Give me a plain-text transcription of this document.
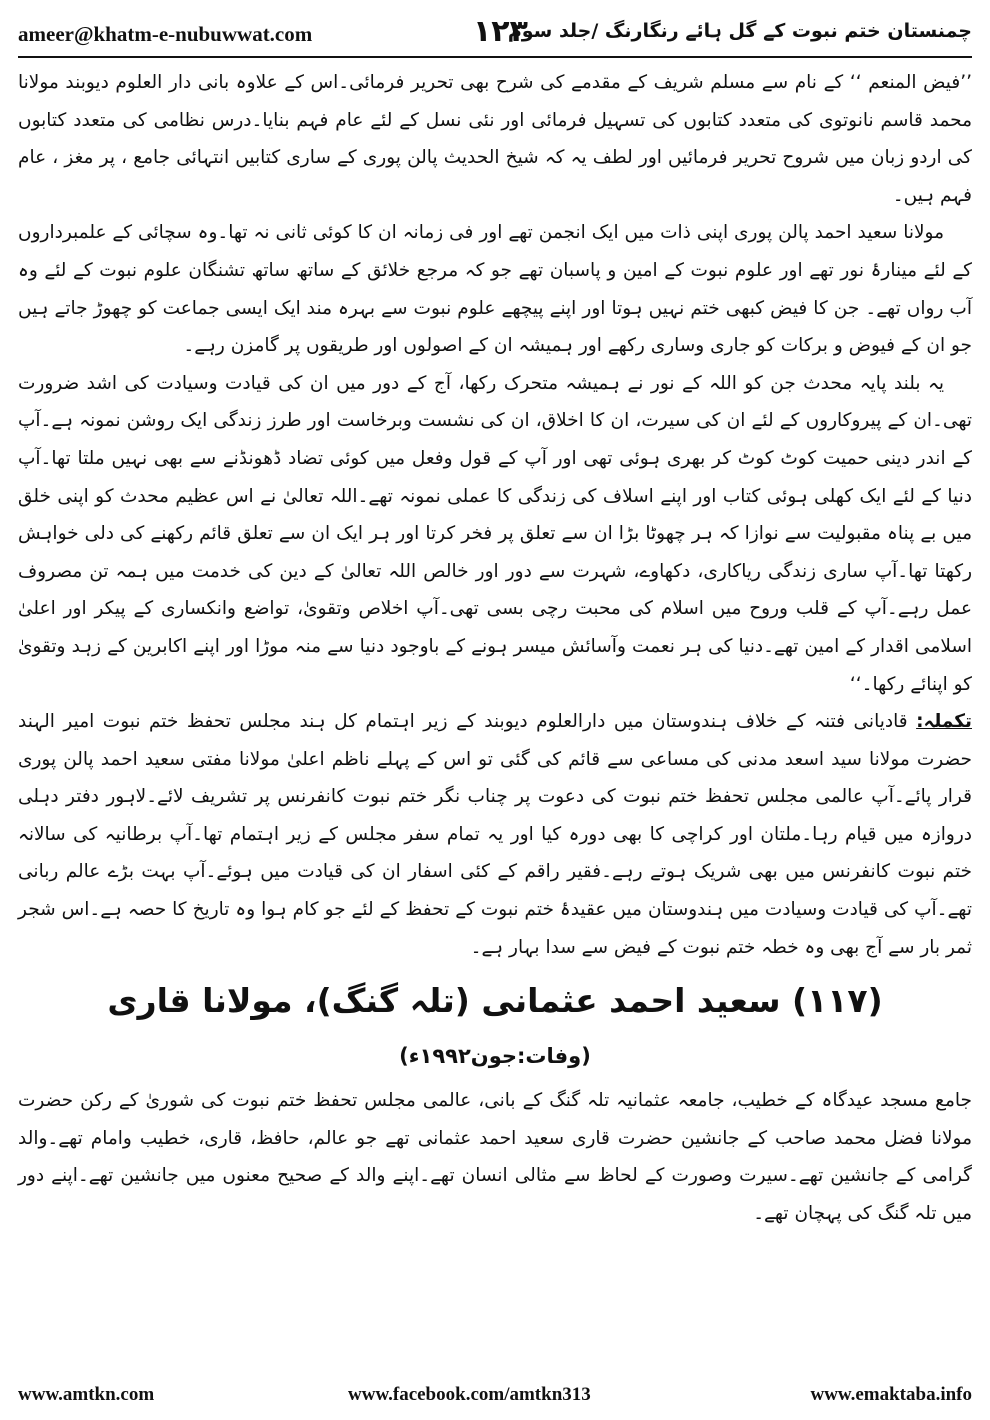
ameer@khatm-e-nubuwwat.com	۱۲۳
چمنستان ختم نبوت کے گل ہائے رنگارنگ /جلد سوم

’’فیض المنعم ‘‘ کے نام سے مسلم شریف کے مقدمے کی شرح بھی تحریر فرمائی۔اس کے علاوہ بانی دار العلوم دیوبند مولانا محمد قاسم نانوتوی کی متعدد کتابوں کی تسہیل فرمائی اور نئی نسل کے لئے عام فہم بنایا۔درس نظامی کی متعدد کتابوں کی اردو زبان میں شروح تحریر فرمائیں اور لطف یہ کہ شیخ الحدیث پالن پوری کے ساری کتابیں انتہائی جامع ، پر مغز ، عام فہم ہیں۔

مولانا سعید احمد پالن پوری اپنی ذات میں ایک انجمن تھے اور فی زمانہ ان کا کوئی ثانی نہ تھا۔وہ سچائی کے علمبرداروں کے لئے مینارۂ نور تھے اور علوم نبوت کے امین و پاسبان تھے جو کہ مرجع خلائق کے ساتھ ساتھ تشنگان علوم نبوت کے لئے وہ آب رواں تھے۔ جن کا فیض کبھی ختم نہیں ہوتا اور اپنے پیچھے علوم نبوت سے بہرہ مند ایک ایسی جماعت کو چھوڑ جاتے ہیں جو ان کے فیوض و برکات کو جاری وساری رکھے اور ہمیشہ ان کے اصولوں اور طریقوں پر گامزن رہے۔

یہ بلند پایہ محدث جن کو اللہ کے نور نے ہمیشہ متحرک رکھا، آج کے دور میں ان کی قیادت وسیادت کی اشد ضرورت تھی۔ان کے پیروکاروں کے لئے ان کی سیرت، ان کا اخلاق، ان کی نشست وبرخاست اور طرز زندگی ایک روشن نمونہ ہے۔آپ کے اندر دینی حمیت کوٹ کوٹ کر بھری ہوئی تھی اور آپ کے قول وفعل میں کوئی تضاد ڈھونڈنے سے بھی نہیں ملتا تھا۔آپ دنیا کے لئے ایک کھلی ہوئی کتاب اور اپنے اسلاف کی زندگی کا عملی نمونہ تھے۔اللہ تعالیٰ نے اس عظیم محدث کو اپنی خلق میں بے پناہ مقبولیت سے نوازا کہ ہر چھوٹا بڑا ان سے تعلق پر فخر کرتا اور ہر ایک ان سے تعلق قائم رکھنے کی دلی خواہش رکھتا تھا۔آپ ساری زندگی ریاکاری، دکھاوے، شہرت سے دور اور خالص اللہ تعالیٰ کے دین کی خدمت میں ہمہ تن مصروف عمل رہے۔آپ کے قلب وروح میں اسلام کی محبت رچی بسی تھی۔آپ اخلاص وتقویٰ، تواضع وانکساری کے پیکر اور اعلیٰ اسلامی اقدار کے امین تھے۔دنیا کی ہر نعمت وآسائش میسر ہونے کے باوجود دنیا سے منہ موڑا اور اپنے اکابرین کے زہد وتقویٰ کو اپنائے رکھا۔‘‘

تکملہ: قادیانی فتنہ کے خلاف ہندوستان میں دارالعلوم دیوبند کے زیر اہتمام کل ہند مجلس تحفظ ختم نبوت امیر الہند حضرت مولانا سید اسعد مدنی کی مساعی سے قائم کی گئی تو اس کے پہلے ناظم اعلیٰ مولانا مفتی سعید احمد پالن پوری قرار پائے۔آپ عالمی مجلس تحفظ ختم نبوت کی دعوت پر چناب نگر ختم نبوت کانفرنس پر تشریف لائے۔لاہور دفتر دہلی دروازہ میں قیام رہا۔ملتان اور کراچی کا بھی دورہ کیا اور یہ تمام سفر مجلس کے زیر اہتمام تھا۔آپ برطانیہ کی سالانہ ختم نبوت کانفرنس میں بھی شریک ہوتے رہے۔فقیر راقم کے کئی اسفار ان کی قیادت میں ہوئے۔آپ بہت بڑے عالم ربانی تھے۔آپ کی قیادت وسیادت میں ہندوستان میں عقیدۂ ختم نبوت کے تحفظ کے لئے جو کام ہوا وہ تاریخ کا حصہ ہے۔اس شجر ثمر بار سے آج بھی وہ خطہ ختم نبوت کے فیض سے سدا بہار ہے۔

(۱۱۷) سعید احمد عثمانی (تلہ گنگ)، مولانا قاری
(وفات:جون۱۹۹۲ء)

جامع مسجد عیدگاہ کے خطیب، جامعہ عثمانیہ تلہ گنگ کے بانی، عالمی مجلس تحفظ ختم نبوت کی شوریٰ کے رکن حضرت مولانا فضل محمد صاحب کے جانشین حضرت قاری سعید احمد عثمانی تھے جو عالم، حافظ، قاری، خطیب وامام تھے۔والد گرامی کے جانشین تھے۔سیرت وصورت کے لحاظ سے مثالی انسان تھے۔اپنے والد کے صحیح معنوں میں جانشین تھے۔اپنے دور میں تلہ گنگ کی پہچان تھے۔

www.amtkn.com	www.facebook.com/amtkn313	www.emaktaba.info
